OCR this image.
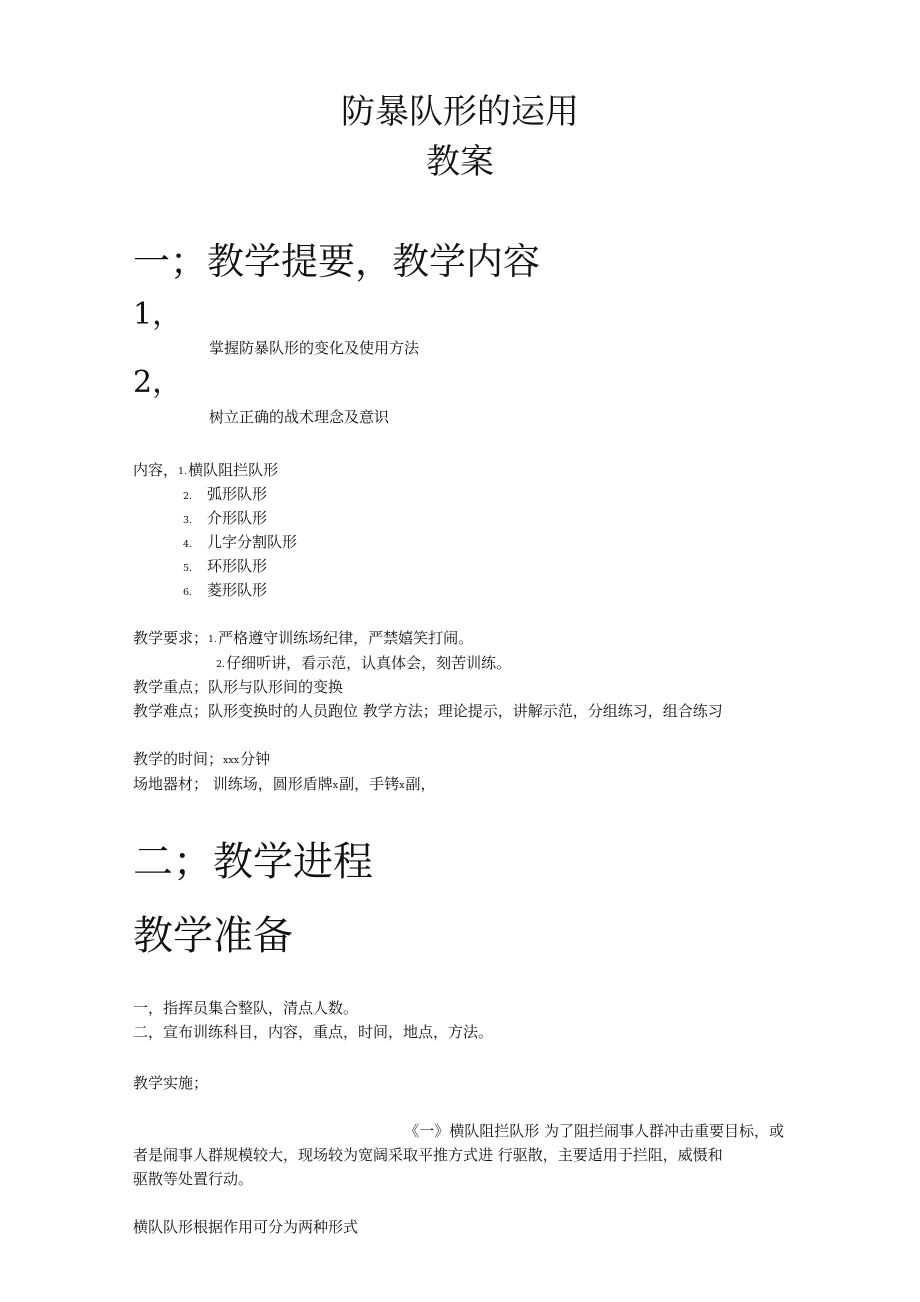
防暴队形的运用
教案
一；教学提要，教学内容
1，
掌握防暴队形的变化及使用方法
2，
树立正确的战术理念及意识
内容，1.横队阻拦队形
2. 弧形队形
3. 介形队形
4. 儿字分割队形
5. 环形队形
6. 菱形队形
教学要求；1.严格遵守训练场纪律，严禁嬉笑打闹。
2.仔细听讲，看示范，认真体会，刻苦训练。
教学重点；队形与队形间的变换
教学难点；队形变换时的人员跑位 教学方法；理论提示，讲解示范，分组练习，组合练习
教学的时间；xxx分钟
场地器材； 训练场，圆形盾牌x副，手铐x副，
二；教学进程
教学准备
一，指挥员集合整队，清点人数。
二，宣布训练科目，内容，重点，时间，地点，方法。
教学实施；
《一》横队阻拦队形 为了阻拦闹事人群冲击重要目标，或
者是闹事人群规模较大，现场较为宽阔采取平推方式进 行驱散，主要适用于拦阻，威慑和
驱散等处置行动。
横队队形根据作用可分为两种形式
